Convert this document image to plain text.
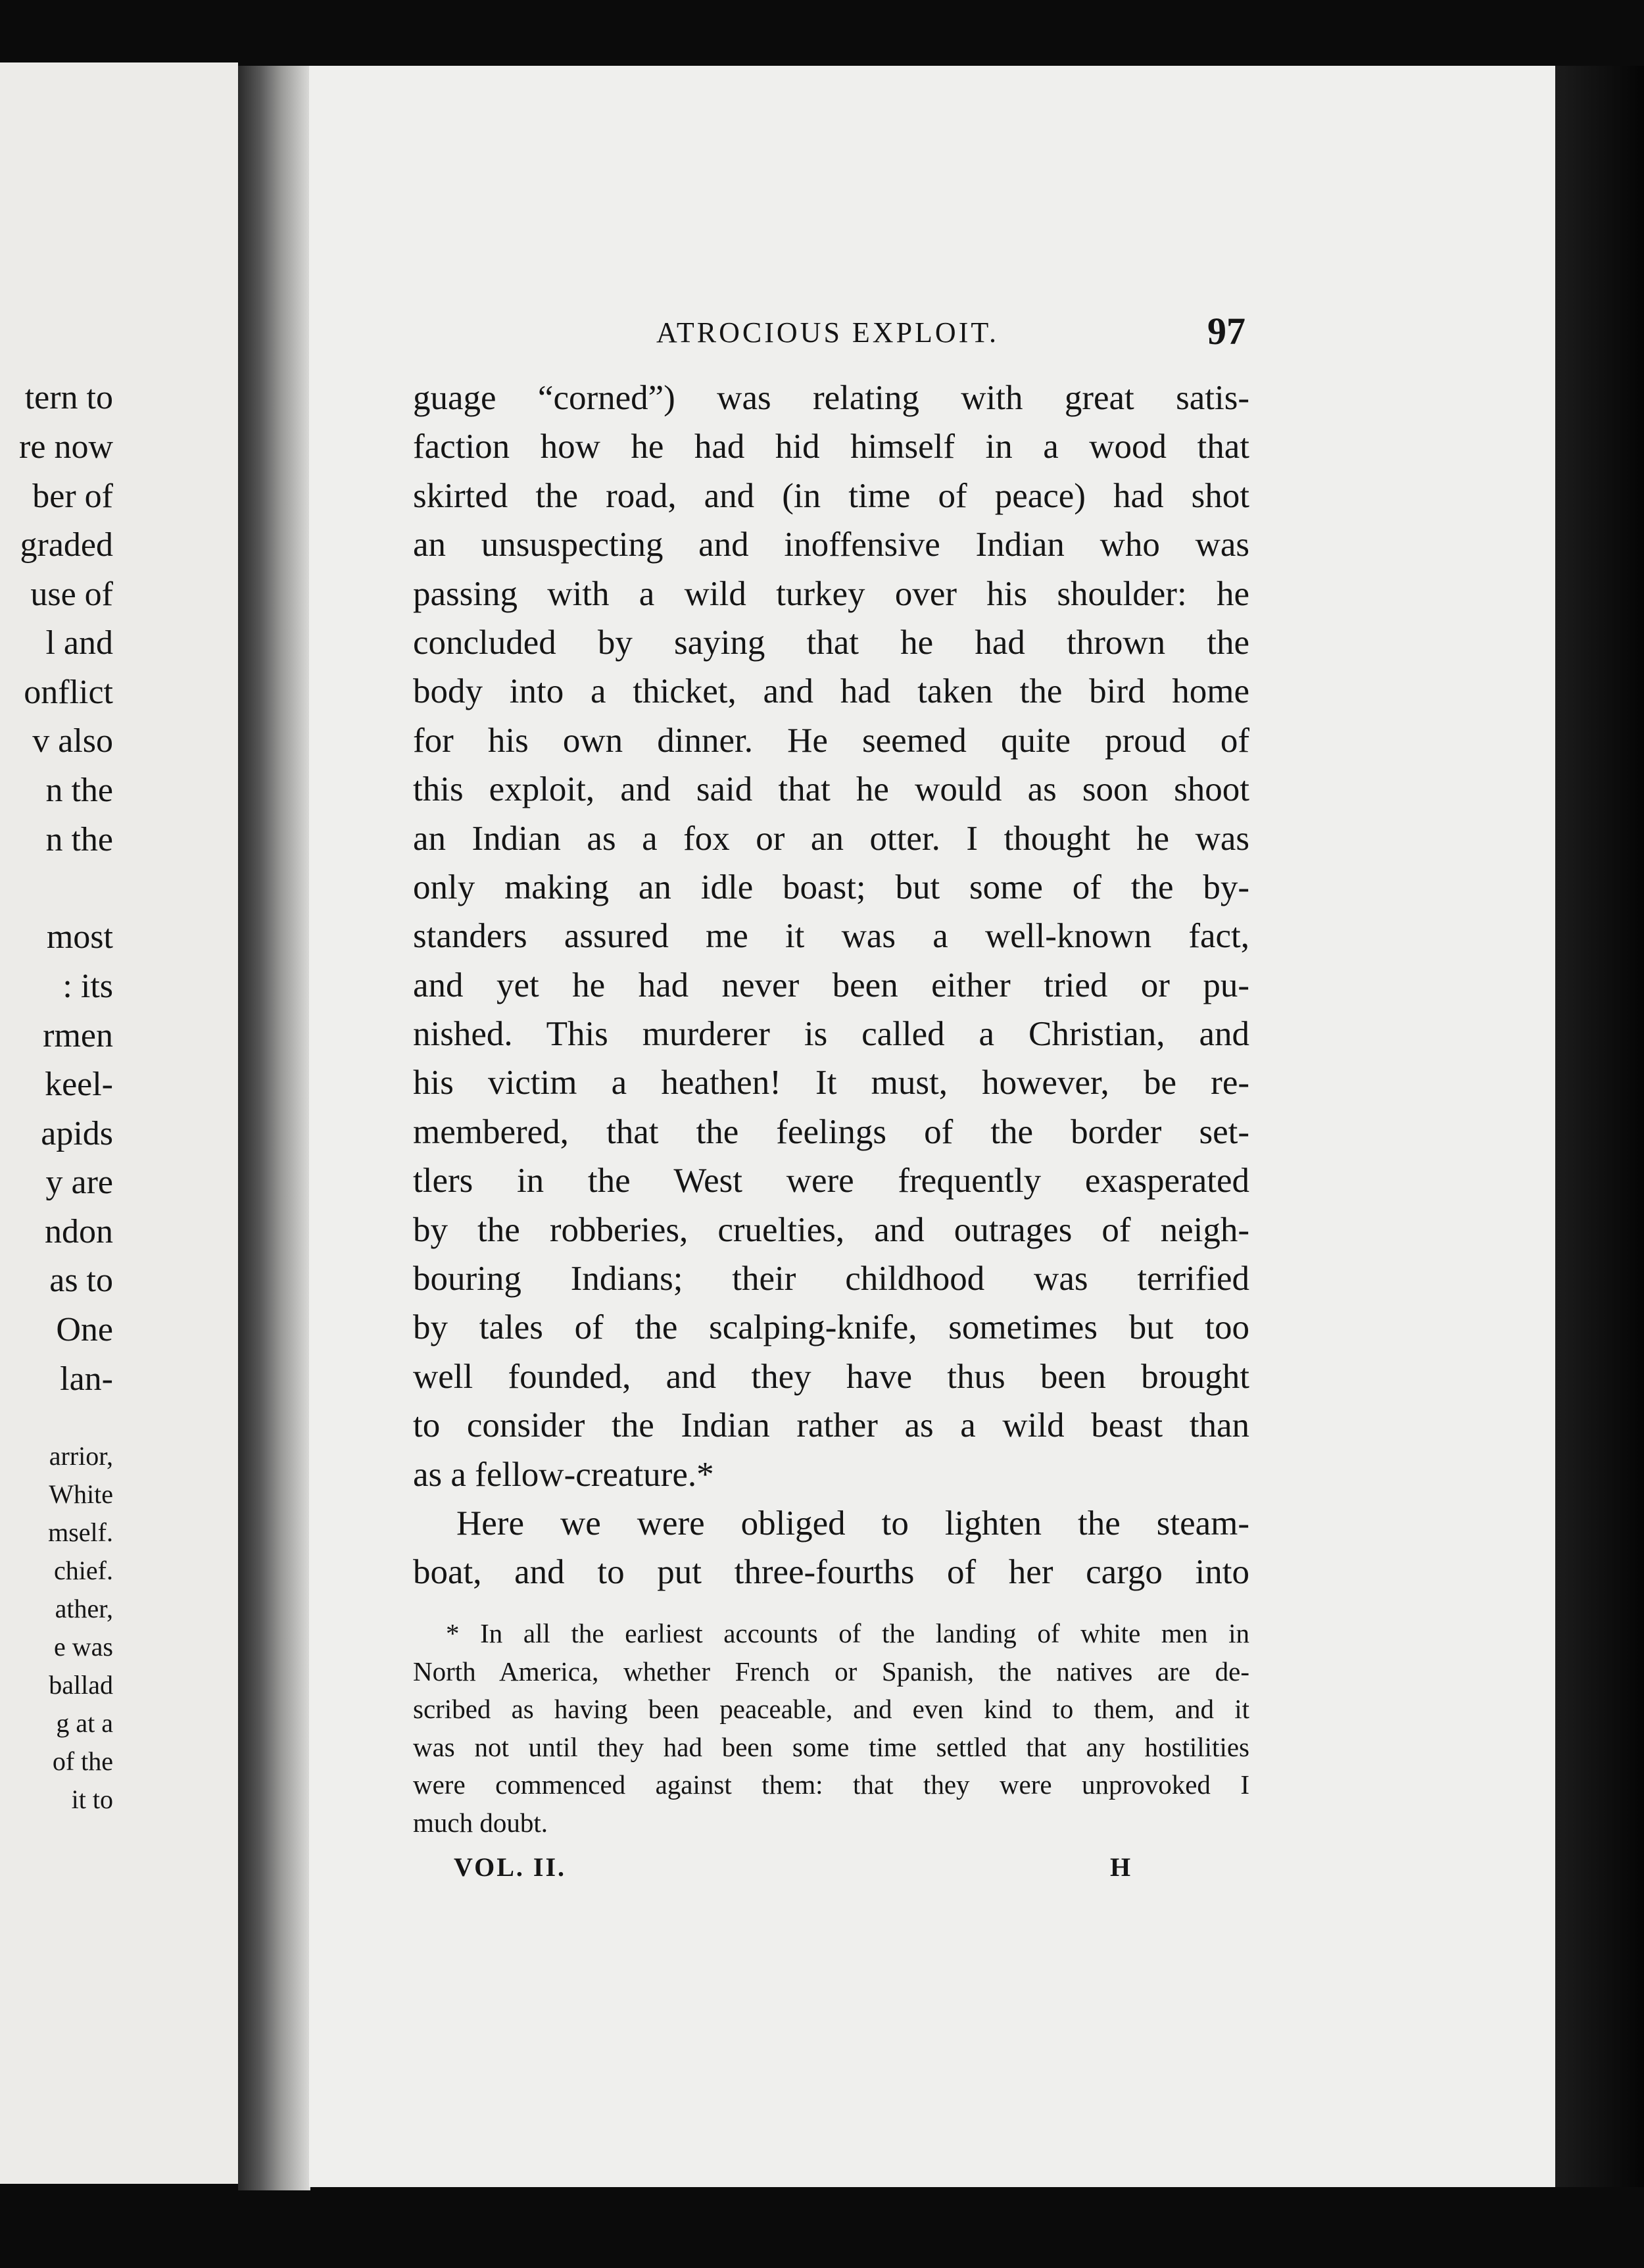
tern to
re now
ber of
graded
use of
l and
onflict
v also
n the
n the
most
: its
rmen
keel-
apids
y are
ndon
as to
One
lan-
arrior,
White
mself.
chief.
ather,
e was
ballad
g at a
of the
it to
ATROCIOUS EXPLOIT.	97
guage “corned”) was relating with great satis-
faction how he had hid himself in a wood that
skirted the road, and (in time of peace) had shot
an unsuspecting and inoffensive Indian who was
passing with a wild turkey over his shoulder: he
concluded by saying that he had thrown the
body into a thicket, and had taken the bird home
for his own dinner. He seemed quite proud of
this exploit, and said that he would as soon shoot
an Indian as a fox or an otter. I thought he was
only making an idle boast; but some of the by-
standers assured me it was a well-known fact,
and yet he had never been either tried or pu-
nished. This murderer is called a Christian, and
his victim a heathen! It must, however, be re-
membered, that the feelings of the border set-
tlers in the West were frequently exasperated
by the robberies, cruelties, and outrages of neigh-
bouring Indians; their childhood was terrified
by tales of the scalping-knife, sometimes but too
well founded, and they have thus been brought
to consider the Indian rather as a wild beast than
as a fellow-creature.*
Here we were obliged to lighten the steam-
boat, and to put three-fourths of her cargo into
* In all the earliest accounts of the landing of white men in
North America, whether French or Spanish, the natives are de-
scribed as having been peaceable, and even kind to them, and it
was not until they had been some time settled that any hostilities
were commenced against them: that they were unprovoked I
much doubt.
VOL. II.	H
